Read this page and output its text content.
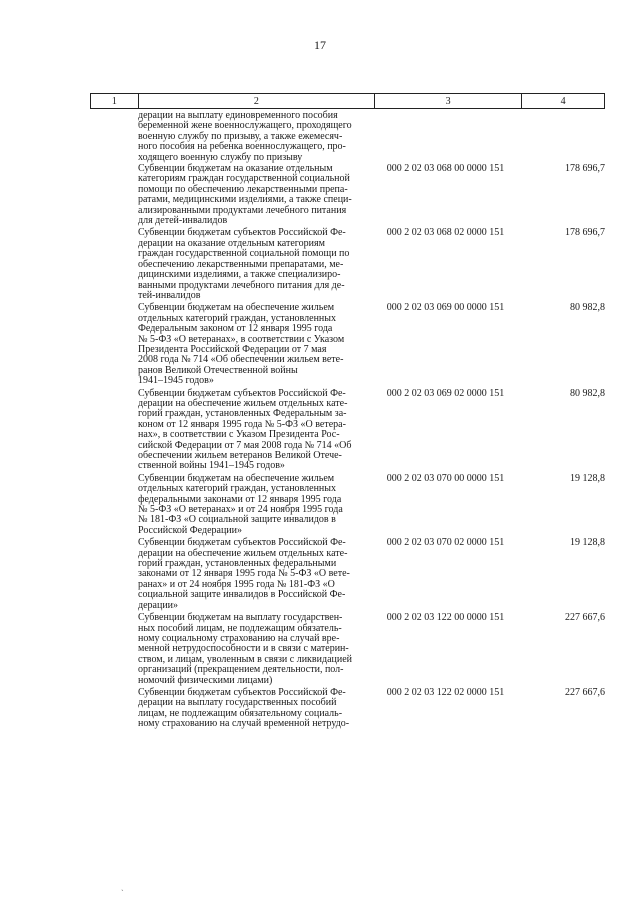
17
1	2	3	4
дерации на выплату единовременного пособия
беременной жене военнослужащего, проходящего
военную службу по призыву, а также ежемесяч-
ного пособия на ребенка военнослужащего, про-
ходящего военную службу по призыву
Субвенции бюджетам на оказание отдельным
категориям граждан государственной социальной
помощи по обеспечению лекарственными препа-
ратами, медицинскими изделиями, а также специ-
ализированными продуктами лечебного питания
для детей-инвалидов
000 2 02 03 068 00 0000 151	178 696,7
Субвенции бюджетам субъектов Российской Фе-
дерации на оказание отдельным категориям
граждан государственной социальной помощи по
обеспечению лекарственными препаратами, ме-
дицинскими изделиями, а также специализиро-
ванными продуктами лечебного питания для де-
тей-инвалидов
000 2 02 03 068 02 0000 151	178 696,7
Субвенции бюджетам на обеспечение жильем
отдельных категорий граждан, установленных
Федеральным законом от 12 января 1995 года
№ 5-ФЗ «О ветеранах», в соответствии с Указом
Президента Российской Федерации от 7 мая
2008 года № 714 «Об обеспечении жильем вете-
ранов Великой Отечественной войны
1941–1945 годов»
000 2 02 03 069 00 0000 151	80 982,8
Субвенции бюджетам субъектов Российской Фе-
дерации на обеспечение жильем отдельных кате-
горий граждан, установленных Федеральным за-
коном от 12 января 1995 года № 5-ФЗ «О ветера-
нах», в соответствии с Указом Президента Рос-
сийской Федерации от 7 мая 2008 года № 714 «Об
обеспечении жильем ветеранов Великой Отече-
ственной войны 1941–1945 годов»
000 2 02 03 069 02 0000 151	80 982,8
Субвенции бюджетам на обеспечение жильем
отдельных категорий граждан, установленных
федеральными законами от 12 января 1995 года
№ 5-ФЗ «О ветеранах» и от 24 ноября 1995 года
№ 181-ФЗ «О социальной защите инвалидов в
Российской Федерации»
000 2 02 03 070 00 0000 151	19 128,8
Субвенции бюджетам субъектов Российской Фе-
дерации на обеспечение жильем отдельных кате-
горий граждан, установленных федеральными
законами от 12 января 1995 года № 5-ФЗ «О вете-
ранах» и от 24 ноября 1995 года № 181-ФЗ «О
социальной защите инвалидов в Российской Фе-
дерации»
000 2 02 03 070 02 0000 151	19 128,8
Субвенции бюджетам на выплату государствен-
ных пособий лицам, не подлежащим обязатель-
ному социальному страхованию на случай вре-
менной нетрудоспособности и в связи с материн-
ством, и лицам, уволенным в связи с ликвидацией
организаций (прекращением деятельности, пол-
номочий физическими лицами)
000 2 02 03 122 00 0000 151	227 667,6
Субвенции бюджетам субъектов Российской Фе-
дерации на выплату государственных пособий
лицам, не подлежащим обязательному социаль-
ному страхованию на случай временной нетрудо-
000 2 02 03 122 02 0000 151	227 667,6
ˏ
